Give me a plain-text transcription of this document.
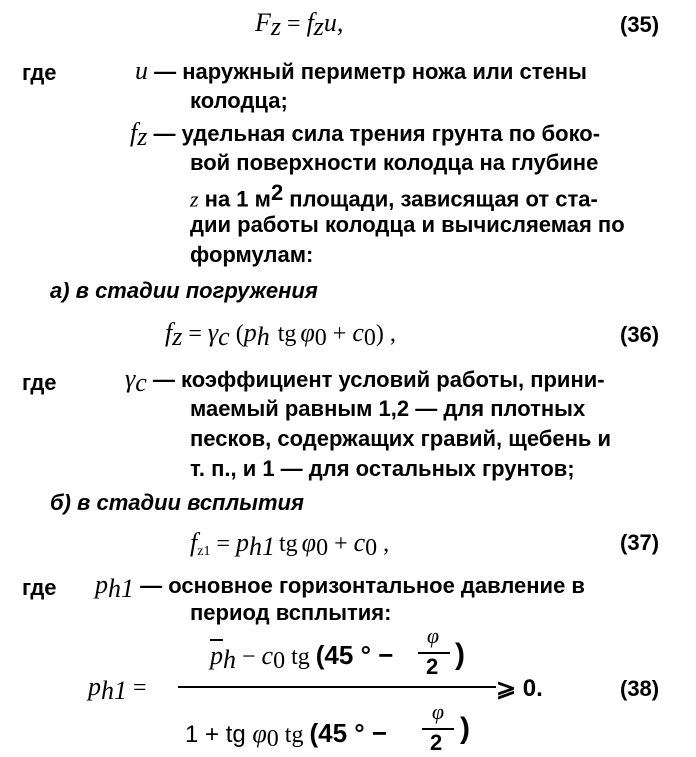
$F_z = f_zu$,	(35)
где	u — наружный периметр ножа или стены
колодца;
$f_z$ — удельная сила трения грунта по боко-
вой поверхности колодца на глубине
z на 1 $м^2$ площади, зависящая от ста-
дии работы колодца и вычисляемая по
формулам:
а) в стадии погружения
$f_z = \gamma_c$ ($p_h$ tg $\varphi_0 + c_0$) ,	(36)
где	$\gamma_c$ — коэффициент условий работы, прини-
маемый равным 1,2 — для плотных
песков, содержащих гравий, щебень и
т. п., и 1 — для остальных грунтов;
б) в стадии всплытия
$f_{z1} = p_{h1}$ tg $\varphi_0 + c_0$ ,	(37)
где $p_{h1}$ — основное горизонтальное давление в
период всплытия:
$p_{h1}$ =
$\overline{p}_h - c_0$ tg (45 ° −
φ
2 )
1 + tg $\varphi_0$ tg (45 ° −
φ
2 )
⩾ 0.	(38)
